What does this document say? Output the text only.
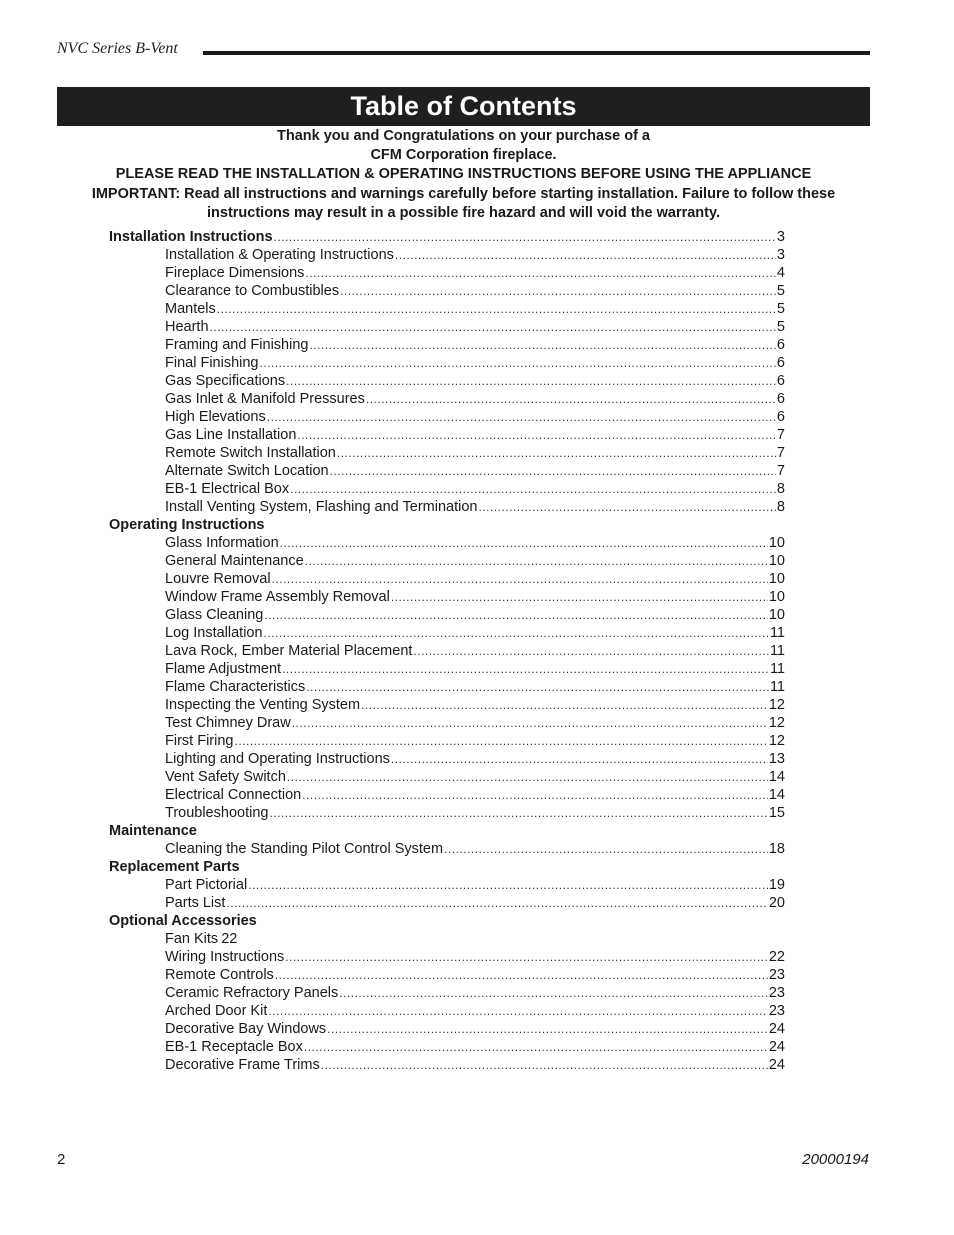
NVC Series B-Vent
Table of Contents
Thank you and Congratulations on your purchase of a
CFM Corporation fireplace.
PLEASE READ THE INSTALLATION & OPERATING INSTRUCTIONS BEFORE USING THE APPLIANCE
IMPORTANT: Read all instructions and warnings carefully before starting installation. Failure to follow these
instructions may result in a possible fire hazard and will void the warranty.
Installation Instructions .....	3
Installation & Operating Instructions .....	3
Fireplace Dimensions .....	4
Clearance to Combustibles .....	5
Mantels .....	5
Hearth .....	5
Framing and Finishing .....	6
Final Finishing .....	6
Gas Specifications .....	6
Gas Inlet & Manifold Pressures .....	6
High Elevations .....	6
Gas Line Installation .....	7
Remote Switch Installation .....	7
Alternate Switch Location .....	7
EB-1 Electrical Box .....	8
Install Venting System, Flashing and Termination .....	8
Operating Instructions
Glass Information .....	10
General Maintenance .....	10
Louvre Removal .....	10
Window Frame Assembly Removal .....	10
Glass Cleaning .....	10
Log Installation .....	11
Lava Rock, Ember Material Placement .....	11
Flame Adjustment .....	11
Flame Characteristics .....	11
Inspecting the Venting System .....	12
Test Chimney Draw .....	12
First Firing .....	12
Lighting and Operating Instructions .....	13
Vent Safety Switch .....	14
Electrical Connection .....	14
Troubleshooting .....	15
Maintenance
Cleaning the Standing Pilot Control System .....	18
Replacement Parts
Part Pictorial .....	19
Parts List .....	20
Optional Accessories
Fan Kits 22
Wiring Instructions .....	22
Remote Controls .....	23
Ceramic Refractory Panels .....	23
Arched Door Kit .....	23
Decorative Bay Windows .....	24
EB-1 Receptacle Box .....	24
Decorative Frame Trims .....	24
2	20000194
